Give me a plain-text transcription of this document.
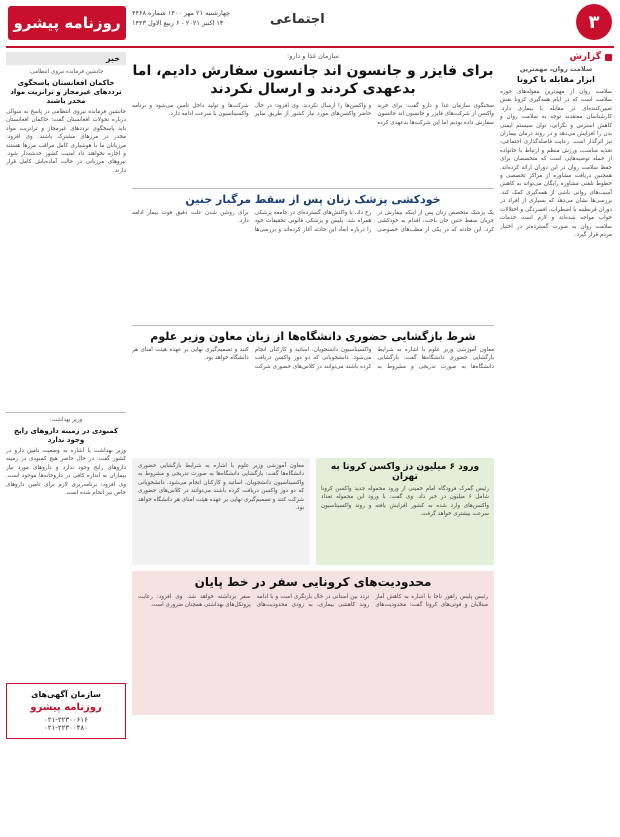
روزنامه پیشرو
چهارشنبه ۲۱ مهر ۱۴۰۰ شماره ۴۴۶۸
۱۳ اکتبر ۲۰۲۱ - ۶ ربیع الاول ۱۴۴۳	اجتماعی	۳
گزارش
سلامت روان، مهمترین
ابزار مقابله با کرونا
سلامت روان از مهم‌ترین مقوله‌های حوزه سلامت است که در ایام همه‌گیری کرونا نقش تعیین‌کننده‌ای در مقابله با بیماری دارد. کارشناسان معتقدند توجه به سلامت روان و کاهش استرس و نگرانی، توان سیستم ایمنی بدن را افزایش می‌دهد و در روند درمان بیماران نیز اثرگذار است. رعایت فاصله‌گذاری اجتماعی، تغذیه مناسب، ورزش منظم و ارتباط با خانواده از جمله توصیه‌هایی است که متخصصان برای حفظ سلامت روان در این دوران ارائه کرده‌اند. همچنین دریافت مشاوره از مراکز تخصصی و خطوط تلفنی مشاوره رایگان می‌تواند به کاهش آسیب‌های روانی ناشی از همه‌گیری کمک کند. بررسی‌ها نشان می‌دهد که بسیاری از افراد در دوران قرنطینه با اضطراب، افسردگی و اختلالات خواب مواجه شده‌اند و لازم است خدمات سلامت روان به صورت گسترده‌تر در اختیار مردم قرار گیرد.
سازمان غذا و دارو:
برای فایزر و جانسون اند جانسون سفارش دادیم، اما بدعهدی کردند و ارسال نکردند
سخنگوی سازمان غذا و دارو گفت: برای خرید واکسن از شرکت‌های فایزر و جانسون اند جانسون سفارش داده بودیم اما این شرکت‌ها بدعهدی کرده و واکسن‌ها را ارسال نکردند. وی افزود: در حال حاضر واکسن‌های مورد نیاز کشور از طریق سایر شرکت‌ها و تولید داخل تامین می‌شود و برنامه واکسیناسیون با سرعت ادامه دارد.
خودکشی پزشک زنان پس از سقط مرگبار جنین
یک پزشک متخصص زنان پس از اینکه بیمارش در جریان سقط جنین جان باخت، اقدام به خودکشی کرد. این حادثه که در یکی از مطب‌های خصوصی رخ داد، با واکنش‌های گسترده‌ای در جامعه پزشکی همراه شد. پلیس و پزشکی قانونی تحقیقات خود را درباره ابعاد این حادثه آغاز کرده‌اند و بررسی‌ها برای روشن شدن علت دقیق فوت بیمار ادامه دارد.
شرط بازگشایی حضوری دانشگاه‌ها از زبان معاون وزیر علوم
معاون آموزشی وزیر علوم با اشاره به شرایط بازگشایی حضوری دانشگاه‌ها گفت: بازگشایی دانشگاه‌ها به صورت تدریجی و مشروط به واکسیناسیون دانشجویان، اساتید و کارکنان انجام می‌شود. دانشجویانی که دو دوز واکسن دریافت کرده باشند می‌توانند در کلاس‌های حضوری شرکت کنند و تصمیم‌گیری نهایی بر عهده هیئت امنای هر دانشگاه خواهد بود.
ورود ۶ میلیون دز واکسن کرونا به تهران
رئیس گمرک فرودگاه امام خمینی از ورود محموله جدید واکسن کرونا شامل ۶ میلیون دز خبر داد. وی گفت: با ورود این محموله تعداد واکسن‌های وارد شده به کشور افزایش یافته و روند واکسیناسیون سرعت بیشتری خواهد گرفت.
معاون آموزشی وزیر علوم با اشاره به شرایط بازگشایی حضوری دانشگاه‌ها گفت: بازگشایی دانشگاه‌ها به صورت تدریجی و مشروط به واکسیناسیون دانشجویان، اساتید و کارکنان انجام می‌شود. دانشجویانی که دو دوز واکسن دریافت کرده باشند می‌توانند در کلاس‌های حضوری شرکت کنند و تصمیم‌گیری نهایی بر عهده هیئت امنای هر دانشگاه خواهد بود.
محدودیت‌های کرونایی سفر در خط پایان
رئیس پلیس راهور ناجا با اشاره به کاهش آمار مبتلایان و فوتی‌های کرونا گفت: محدودیت‌های تردد بین استانی در حال بازنگری است و با ادامه روند کاهشی بیماری، به زودی محدودیت‌های سفر برداشته خواهد شد. وی افزود: رعایت پروتکل‌های بهداشتی همچنان ضروری است.
خبر
جانشین فرمانده نیروی انتظامی:
حاکمان افغانستان پاسخگوی ترددهای غیرمجاز و ترانزیت مواد مخدر باشند
جانشین فرمانده نیروی انتظامی در پاسخ به سوالی درباره تحولات افغانستان گفت: حاکمان افغانستان باید پاسخگوی ترددهای غیرمجاز و ترانزیت مواد مخدر در مرزهای مشترک باشند. وی افزود: مرزبانان ما با هوشیاری کامل مراقب مرزها هستند و اجازه نخواهند داد امنیت کشور خدشه‌دار شود. نیروهای مرزبانی در حالت آماده‌باش کامل قرار دارند.
وزیر بهداشت:
کمبودی در زمینه داروهای رایج وجود ندارد
وزیر بهداشت با اشاره به وضعیت تامین دارو در کشور گفت: در حال حاضر هیچ کمبودی در زمینه داروهای رایج وجود ندارد و داروهای مورد نیاز بیماران به اندازه کافی در داروخانه‌ها موجود است. وی افزود: برنامه‌ریزی لازم برای تامین داروهای خاص نیز انجام شده است.
سازمان آگهی‌های
روزنامه پیشرو
۰۲۱-۲۲۳۰۰۶۱۶
۰۲۱-۲۲۳۰۰۴۸۰
